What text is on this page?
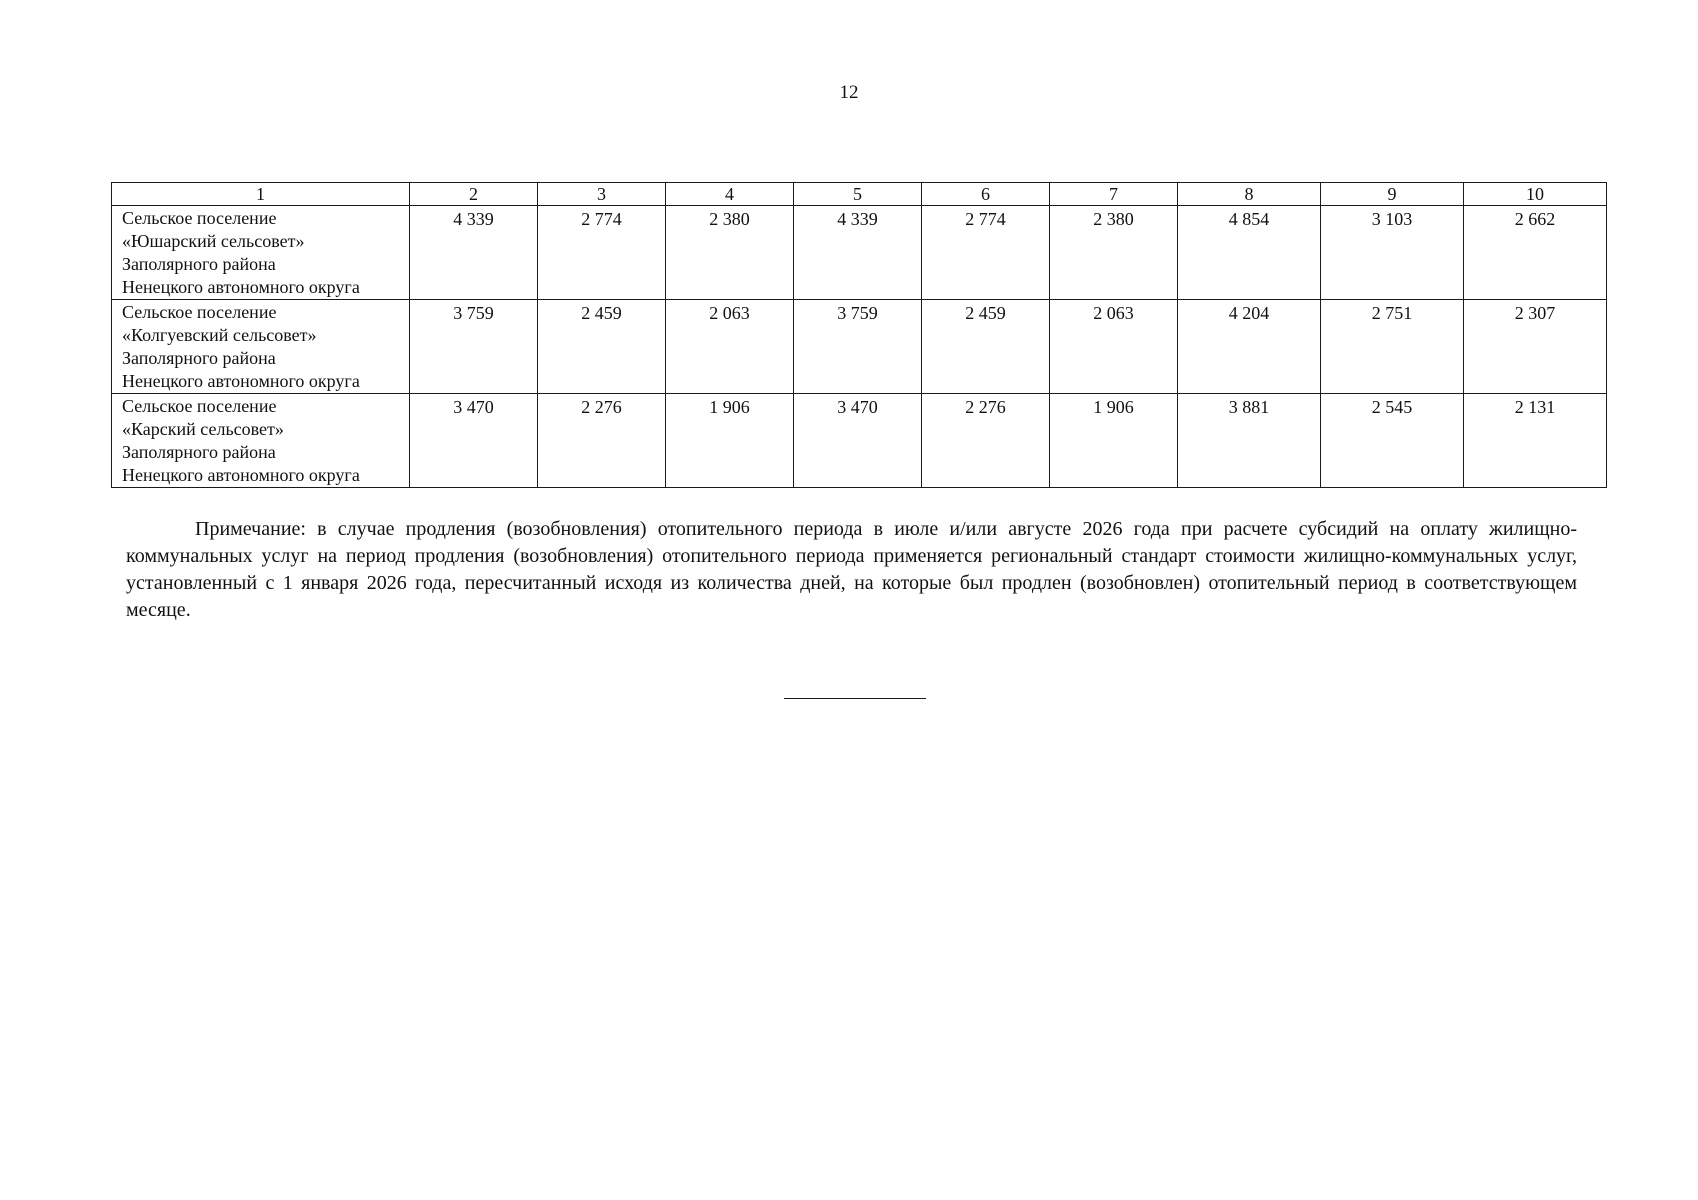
12
1	2	3	4	5	6	7	8	9	10

Сельское поселение
«Юшарский сельсовет»
Заполярного района
Ненецкого автономного округа	4 339	2 774	2 380	4 339	2 774	2 380	4 854	3 103	2 662

Сельское поселение
«Колгуевский сельсовет»
Заполярного района
Ненецкого автономного округа	3 759	2 459	2 063	3 759	2 459	2 063	4 204	2 751	2 307

Сельское поселение
«Карский сельсовет»
Заполярного района
Ненецкого автономного округа	3 470	2 276	1 906	3 470	2 276	1 906	3 881	2 545	2 131

Примечание: в случае продления (возобновления) отопительного периода в июле и/или августе 2026 года при расчете субсидий на оплату жилищно-коммунальных услуг на период продления (возобновления) отопительного периода применяется региональный стандарт стоимости жилищно-коммунальных услуг, установленный с 1 января 2026 года, пересчитанный исходя из количества дней, на которые был продлен (возобновлен) отопительный период в соответствующем месяце.
